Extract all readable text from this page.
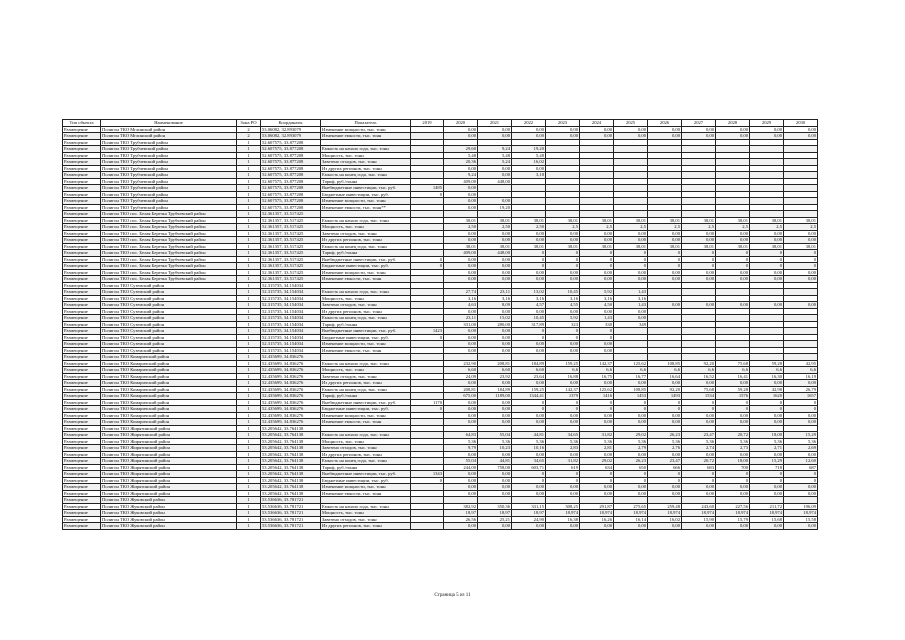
Тип объекта	Наименование	Зона РО	Координаты	Показатель	2019	2020	2021	2022	2023	2024	2025	2026	2027	2028	2029	2030
Размещение	Полигон ТКО Мглинский район	2	53.06082, 32.893079	Изменение мощности, тыс. тонн		0,00	0,00	0,00	0,00	0,00	0,00	0,00	0,00	0,00	0,00	0,00
Размещение	Полигон ТКО Мглинский район	2	53.06082, 32.893079	Изменение емкости, тыс. тонн		0,00	0,00	0,00	0,00	0,00	0,00	0,00	0,00	0,00	0,00	0,00
Размещение	Полигон ТКО Трубчевский район	1	52.607575, 33.877208													
Размещение	Полигон ТКО Трубчевский район	1	52.607575, 33.877208	Емкость на начало года, тыс. тонн		29,60	9,24	19,20								
Размещение	Полигон ТКО Трубчевский район	1	52.607575, 33.877208	Мощность, тыс. тонн		5,48	5,48	5,48								
Размещение	Полигон ТКО Трубчевский район	1	52.607575, 33.877208	Завезено отходов, тыс. тонн		20,36	5,24	16,02								
Размещение	Полигон ТКО Трубчевский район	1	52.607575, 33.877208	Из других регионов, тыс. тонн		0,00	0,00	0,00								
Размещение	Полигон ТКО Трубчевский район	1	52.607575, 33.877208	Емкость на конец года, тыс. тонн		9,24	0,00	3,18								
Размещение	Полигон ТКО Трубчевский район	1	52.607575, 33.877208	Тариф, руб./тонна		409,00	448,00									
Размещение	Полигон ТКО Трубчевский район	1	52.607575, 33.877208	Внебюджетные инвестиции, тыс. руб.	1485	0,00										
Размещение	Полигон ТКО Трубчевский район	1	52.607575, 33.877208	Бюджетные инвестиции, тыс. руб.	0	0,00										
Размещение	Полигон ТКО Трубчевский район	1	52.607575, 33.877208	Изменение мощности, тыс. тонн		0,00	0,00									
Размещение	Полигон ТКО Трубчевский район	1	52.607575, 33.877208	Изменение емкости, тыс. тонн**		0,00	19,20									
Размещение	Полигон ТКО пос. Белая Березка Трубчевский район	1	52.361357, 33.517425													
Размещение	Полигон ТКО пос. Белая Березка Трубчевский район	1	52.361357, 33.517425	Емкость на начало года, тыс. тонн		38,01	38,01	38,01	38,01	38,01	38,01	38,01	38,01	38,01	38,01	38,01
Размещение	Полигон ТКО пос. Белая Березка Трубчевский район	1	52.361357, 33.517425	Мощность, тыс. тонн		2,50	2,50	2,50	2,5	2,5	2,5	2,5	2,5	2,5	2,5	2,5
Размещение	Полигон ТКО пос. Белая Березка Трубчевский район	1	52.361357, 33.517425	Завезено отходов, тыс. тонн		0,00	0,00	0,00	0,00	0,00	0,00	0,00	0,00	0,00	0,00	0,00
Размещение	Полигон ТКО пос. Белая Березка Трубчевский район	1	52.361357, 33.517425	Из других регионов, тыс. тонн		0,00	0,00	0,00	0,00	0,00	0,00	0,00	0,00	0,00	0,00	0,00
Размещение	Полигон ТКО пос. Белая Березка Трубчевский район	1	52.361357, 33.517425	Емкость на конец года, тыс. тонн		38,01	38,01	38,01	38,01	38,01	38,01	38,01	38,01	38,01	38,01	38,01
Размещение	Полигон ТКО пос. Белая Березка Трубчевский район	1	52.361357, 33.517425	Тариф, руб./тонна		409,00	448,00	0	0	0	0	0	0	0	0	0
Размещение	Полигон ТКО пос. Белая Березка Трубчевский район	1	52.361357, 33.517425	Внебюджетные инвестиции, тыс. руб.	0	0,00	0,00	0	0	0	0	0	0	0	0	0
Размещение	Полигон ТКО пос. Белая Березка Трубчевский район	1	52.361357, 33.517425	Бюджетные инвестиции, тыс. руб.	0	0,00	0,00	0	0	0	0	0	0	0	0	0
Размещение	Полигон ТКО пос. Белая Березка Трубчевский район	1	52.361357, 33.517425	Изменение мощности, тыс. тонн		0,00	0,00	0,00	0,00	0,00	0,00	0,00	0,00	0,00	0,00	0,00
Размещение	Полигон ТКО пос. Белая Березка Трубчевский район	1	52.361357, 33.517425	Изменение емкости, тыс. тонн		0,00	0,00	0,00	0,00	0,00	0,00	0,00	0,00	0,00	0,00	0,00
Размещение	Полигон ТКО Суземский район	1	52.315735, 34.154034													
Размещение	Полигон ТКО Суземский район	1	52.315735, 34.154034	Емкость на начало года, тыс. тонн		27,74	23,11	13,02	10,45	5,92	1,43					
Размещение	Полигон ТКО Суземский район	1	52.315735, 34.154034	Мощность, тыс. тонн		3,16	3,16	3,16	3,16	3,16	3,16					
Размещение	Полигон ТКО Суземский район	1	52.315735, 34.154034	Завезено отходов, тыс. тонн		4,63	8,09	4,57	4,55	4,50	1,43	0,00	0,00	0,00	0,00	0,00
Размещение	Полигон ТКО Суземский район	1	52.315735, 34.154034	Из других регионов, тыс. тонн		0,00	0,00	0,00	0,00	0,00	0,00					
Размещение	Полигон ТКО Суземский район	1	52.315735, 34.154034	Емкость на конец года, тыс. тонн		23,11	15,02	10,45	5,92	1,43	0,00					
Размещение	Полигон ТКО Суземский район	1	52.315735, 34.154034	Тариф, руб./тонна		331,00	280,00	317,89	323	330	349					
Размещение	Полигон ТКО Суземский район	1	52.315735, 34.154034	Внебюджетные инвестиции, тыс. руб.	1423	0,00	0,00	0	0	0						
Размещение	Полигон ТКО Суземский район	1	52.315735, 34.154034	Бюджетные инвестиции, тыс. руб.	0	0,00	0,00	0	0	0						
Размещение	Полигон ТКО Суземский район	1	52.315735, 34.154034	Изменение мощности, тыс. тонн		0,00	0,00	0,00	0,00	0,00						
Размещение	Полигон ТКО Суземский район	1	52.315735, 34.154034	Изменение емкости, тыс. тонн		0,00	0,00	0,00	0,00	0,00						
Размещение	Полигон ТКО Комаричский район	1	52.435699, 34.836276													
Размещение	Полигон ТКО Комаричский район	1	52.435699, 34.836276	Емкость на начало года, тыс. тонн		232,90	208,81	184,89	159,25	142,37	125,62	108,85	92,20	75,68	59,28	42,95
Размещение	Полигон ТКО Комаричский район	1	52.435699, 34.836276	Мощность, тыс. тонн		6,60	6,60	6,60	6,6	6,6	6,6	6,6	6,6	6,6	6,6	6,6
Размещение	Полигон ТКО Комаричский район	1	52.435699, 34.836276	Завезено отходов, тыс. тонн		24,09	23,92	23,64	16,88	16,75	16,77	16,64	16,52	16,41	16,30	16,19
Размещение	Полигон ТКО Комаричский район	1	52.435699, 34.836276	Из других регионов, тыс. тонн		0,00	0,00	0,00	0,00	0,00	0,00	0,00	0,00	0,00	0,00	0,00
Размещение	Полигон ТКО Комаричский район	1	52.435699, 34.836276	Емкость на конец года, тыс. тонн		208,81	184,89	159,25	142,37	125,62	108,85	92,20	75,68	59,28	42,98	26,79
Размещение	Полигон ТКО Комаричский район	1	52.435699, 34.836276	Тариф, руб./тонна		675,00	1189,00	1344,41	1379	1416	1453	1493	1534	1576	1620	1657
Размещение	Полигон ТКО Комаричский район	1	52.435699, 34.836276	Внебюджетные инвестиции, тыс. руб.	1170	0,00	0,00	0	0	0	0	0	0	0	0	0
Размещение	Полигон ТКО Комаричский район	1	52.435699, 34.836276	Бюджетные инвестиции, тыс. руб.	0	0,00	0,00	0	0	0	0	0	0	0	0	0
Размещение	Полигон ТКО Комаричский район	1	52.435699, 34.836276	Изменение мощности, тыс. тонн		0,00	0,00	0,00	0,00	0,00	0,00	0,00	0,00	0,00	0,00	0,00
Размещение	Полигон ТКО Комаричский район	1	52.435699, 34.836276	Изменение емкости, тыс. тонн		0,00	0,00	0,00	0,00	0,00	0,00	0,00	0,00	0,00	0,00	0,00
Размещение	Полигон ТКО Жирятинский район	1	53.205642, 33.764138													
Размещение	Полигон ТКО Жирятинский район	1	53.205642, 33.764138	Емкость на начало года, тыс. тонн		64,83	55,04	44,81	34,65	31,82	29,02	26,23	23,47	20,72	18,00	15,29
Размещение	Полигон ТКО Жирятинский район	1	53.205642, 33.764138	Мощность, тыс. тонн		5,36	5,36	5,36	5,36	5,36	5,36	5,36	5,36	5,36	5,36	5,36
Размещение	Полигон ТКО Жирятинский район	1	53.205642, 33.764138	Завезено отходов, тыс. тонн		9,79	10,23	10,16	2,83	2,81	2,79	2,76	2,74	2,73	2,71	2,69
Размещение	Полигон ТКО Жирятинский район	1	53.205642, 33.764138	Из других регионов, тыс. тонн		0,00	0,00	0,00	0,00	0,00	0,00	0,00	0,00	0,00	0,00	0,00
Размещение	Полигон ТКО Жирятинский район	1	53.205642, 33.764138	Емкость на конец года, тыс. тонн		55,04	44,81	34,65	31,82	29,02	26,23	23,47	20,72	18,00	15,29	12,60
Размещение	Полигон ТКО Жирятинский район	1	53.205642, 33.764138	Тариф, руб./тонна		244,00	758,00	603,71	619	634	650	666	683	700	718	687
Размещение	Полигон ТКО Жирятинский район	1	53.205642, 33.764138	Внебюджетные инвестиции, тыс. руб.	1343	0,00	0,00	0	0	0	0	0	0	0	0	0
Размещение	Полигон ТКО Жирятинский район	1	53.205642, 33.764138	Бюджетные инвестиции, тыс. руб.	0	0,00	0,00	0	0	0	0	0	0	0	0	0
Размещение	Полигон ТКО Жирятинский район	1	53.205642, 33.764138	Изменение мощности, тыс. тонн		0,00	0,00	0,00	0,00	0,00	0,00	0,00	0,00	0,00	0,00	0,00
Размещение	Полигон ТКО Жирятинский район	1	53.205642, 33.764138	Изменение емкости, тыс. тонн		0,00	0,00	0,00	0,00	0,00	0,00	0,00	0,00	0,00	0,00	0,00
Размещение	Полигон ТКО Жуковский район	1	53.536636, 33.781721													
Размещение	Полигон ТКО Жуковский район	1	53.536636, 33.781721	Емкость на начало года, тыс. тонн		382,92	350,36	331,15	308,25	291,87	275,65	259,48	243,60	227,56	211,72	196,09
Размещение	Полигон ТКО Жуковский район	1	53.536636, 33.781721	Мощность, тыс. тонн		18,97	18,97	18,97	18,974	18,974	18,974	18,974	18,974	18,974	18,974	18,974
Размещение	Полигон ТКО Жуковский район	1	53.536636, 33.781721	Завезено отходов, тыс. тонн		26,56	25,21	24,90	16,38	16,26	16,14	16,02	15,90	15,79	15,68	15,58
Размещение	Полигон ТКО Жуковский район	1	53.536636, 33.781721	Из других регионов, тыс. тонн		0,00	0,00	0,00	0,00	0,00	0,00	0,00	0,00	0,00	0,00	0,00
Страница 5 из 11
